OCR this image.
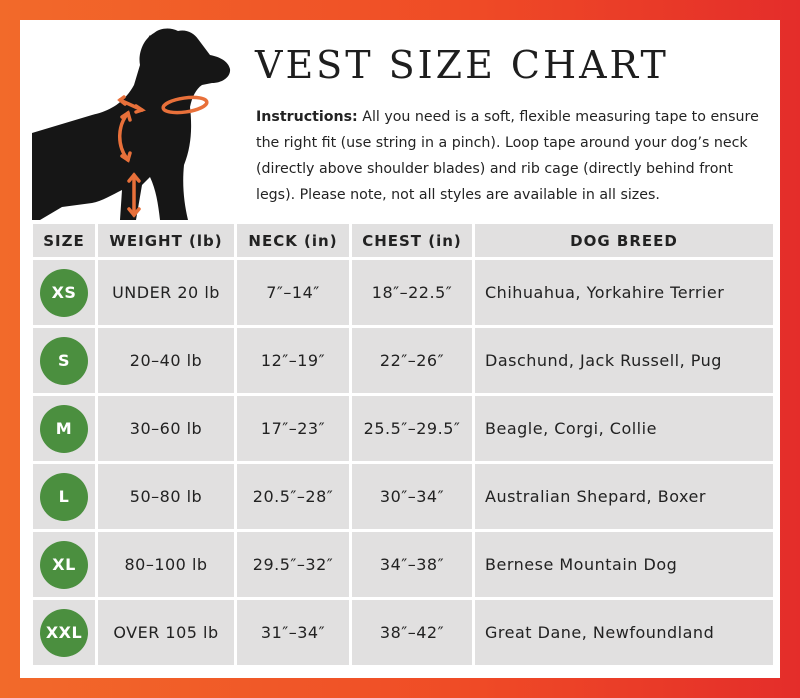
VEST SIZE CHART

Instructions: All you need is a soft, flexible measuring tape to ensure the right fit (use string in a pinch). Loop tape around your dog’s neck (directly above shoulder blades) and rib cage (directly behind front legs). Please note, not all styles are available in all sizes.

SIZE	WEIGHT (lb)	NECK (in)	CHEST (in)	DOG BREED

XS	UNDER 20 lb	7″–14″	18″–22.5″	Chihuahua, Yorkahire Terrier

S	20–40 lb	12″–19″	22″–26″	Daschund, Jack Russell, Pug

M	30–60 lb	17″–23″	25.5″–29.5″	Beagle, Corgi, Collie

L	50–80 lb	20.5″–28″	30″–34″	Australian Shepard, Boxer

XL	80–100 lb	29.5″–32″	34″–38″	Bernese Mountain Dog

XXL	OVER 105 lb	31″–34″	38″–42″	Great Dane, Newfoundland
